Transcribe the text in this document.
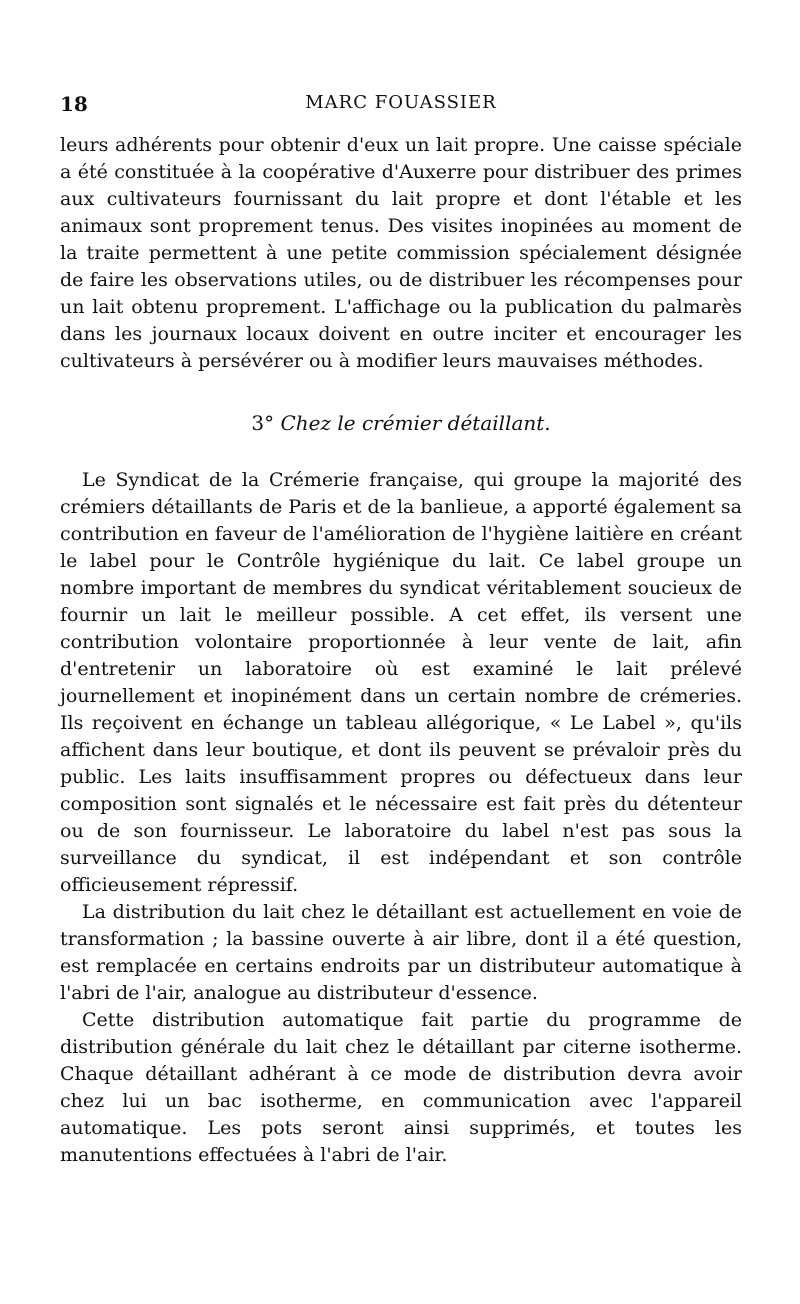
18	MARC FOUASSIER

leurs adhérents pour obtenir d'eux un lait propre. Une caisse spéciale a été constituée à la coopérative d'Auxerre pour distribuer des primes aux cultivateurs fournissant du lait propre et dont l'étable et les animaux sont proprement tenus. Des visites inopinées au moment de la traite permettent à une petite commission spécialement désignée de faire les observations utiles, ou de distribuer les récompenses pour un lait obtenu proprement. L'affichage ou la publication du palmarès dans les journaux locaux doivent en outre inciter et encourager les cultivateurs à persévérer ou à modifier leurs mauvaises méthodes.

3° Chez le crémier détaillant.

Le Syndicat de la Crémerie française, qui groupe la majorité des crémiers détaillants de Paris et de la banlieue, a apporté également sa contribution en faveur de l'amélioration de l'hygiène laitière en créant le label pour le Contrôle hygiénique du lait. Ce label groupe un nombre important de membres du syndicat véritablement soucieux de fournir un lait le meilleur possible. A cet effet, ils versent une contribution volontaire proportionnée à leur vente de lait, afin d'entretenir un laboratoire où est examiné le lait prélevé journellement et inopinément dans un certain nombre de crémeries. Ils reçoivent en échange un tableau allégorique, « Le Label », qu'ils affichent dans leur boutique, et dont ils peuvent se prévaloir près du public. Les laits insuffisamment propres ou défectueux dans leur composition sont signalés et le nécessaire est fait près du détenteur ou de son fournisseur. Le laboratoire du label n'est pas sous la surveillance du syndicat, il est indépendant et son contrôle officieusement répressif.

La distribution du lait chez le détaillant est actuellement en voie de transformation ; la bassine ouverte à air libre, dont il a été question, est remplacée en certains endroits par un distributeur automatique à l'abri de l'air, analogue au distributeur d'essence.

Cette distribution automatique fait partie du programme de distribution générale du lait chez le détaillant par citerne isotherme. Chaque détaillant adhérant à ce mode de distribution devra avoir chez lui un bac isotherme, en communication avec l'appareil automatique. Les pots seront ainsi supprimés, et toutes les manutentions effectuées à l'abri de l'air.
